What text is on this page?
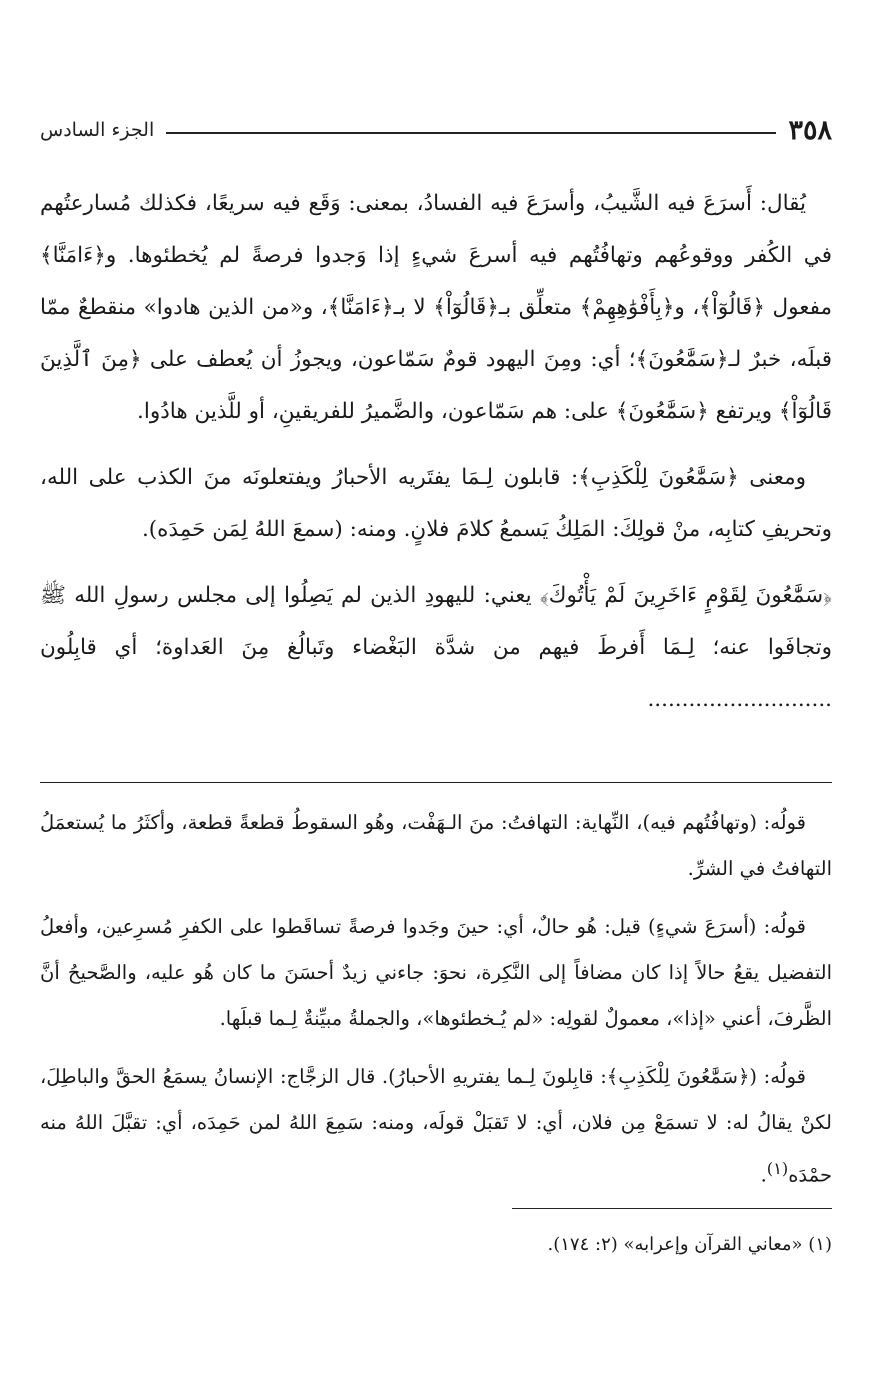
الجزء السادس	٣٥٨

يُقال: أَسرَعَ فيه الشَّيبُ، وأسرَعَ فيه الفسادُ، بمعنى: وَقَع فيه سريعًا، فكذلك مُسارعتُهم في الكُفر ووقوعُهم وتهافُتُهم فيه أسرعَ شيءٍ إذا وَجدوا فرصةً لم يُخطئوها. و﴿ءَامَنَّا﴾ مفعول ﴿قَالُوٓاْ﴾، و﴿بِأَفْوَٰهِهِمْ﴾ متعلِّق بـ﴿قَالُوٓاْ﴾ لا بـ﴿ءَامَنَّا﴾، و«من الذين هادوا» منقطعٌ ممّا قبلَه، خبرٌ لـ﴿سَمَّٰعُونَ﴾؛ أي: ومِنَ اليهود قومٌ سَمّاعون، ويجوزُ أن يُعطف على ﴿مِنَ ٱلَّذِينَ قَالُوٓاْ﴾ ويرتفع ﴿سَمَّٰعُونَ﴾ على: هم سَمّاعون، والضَّميرُ للفريقينِ، أو للَّذين هادُوا.

ومعنى ﴿سَمَّٰعُونَ لِلْكَذِبِ﴾: قابلون لِـمَا يفتَريه الأحبارُ ويفتعلونَه منَ الكذب على الله، وتحريفِ كتابِه، منْ قولِكَ: المَلِكُ يَسمعُ كلامَ فلانٍ. ومنه: (سمعَ اللهُ لِمَن حَمِدَه).

﴿سَمَّٰعُونَ لِقَوْمٍ ءَاخَرِينَ لَمْ يَأْتُوكَ﴾ يعني: لليهودِ الذين لم يَصِلُوا إلى مجلس رسولِ الله ﷺ وتجافَوا عنه؛ لِـمَا أَفرطَ فيهم من شدَّة البَغْضاء وتَبالُغ مِنَ العَداوة؛ أي قابِلُون ...........................

قولُه: (وتهافُتُهم فيه)، النِّهاية: التهافتُ: منَ الـهَفْت، وهُو السقوطُ قطعةً قطعة، وأكثَرُ ما يُستعمَلُ التهافتُ في الشرِّ.

قولُه: (أسرَعَ شيءٍ) قيل: هُو حالٌ، أي: حينَ وجَدوا فرصةً تساقَطوا على الكفرِ مُسرِعين، وأفعلُ التفضيل يقعُ حالاً إذا كان مضافاً إلى النَّكِرة، نحوَ: جاءني زيدٌ أحسَنَ ما كان هُو عليه، والصَّحيحُ أنَّ الظَّرفَ، أعني «إذا»، معمولٌ لقولِه: «لم يُـخطئوها»، والجملةُ مبيِّنةٌ لِـما قبلَها.

قولُه: (﴿سَمَّٰعُونَ لِلْكَذِبِ﴾: قابِلونَ لِـما يفتريهِ الأحبارُ). قال الزجَّاج: الإنسانُ يسمَعُ الحقَّ والباطِلَ، لكنْ يقالُ له: لا تسمَعْ مِن فلان، أي: لا تَقبَلْ قولَه، ومنه: سَمِعَ اللهُ لمن حَمِدَه، أي: تقبَّلَ اللهُ منه حمْدَه$^{(١)}$.

(١) «معاني القرآن وإعرابه» (٢: ١٧٤).
